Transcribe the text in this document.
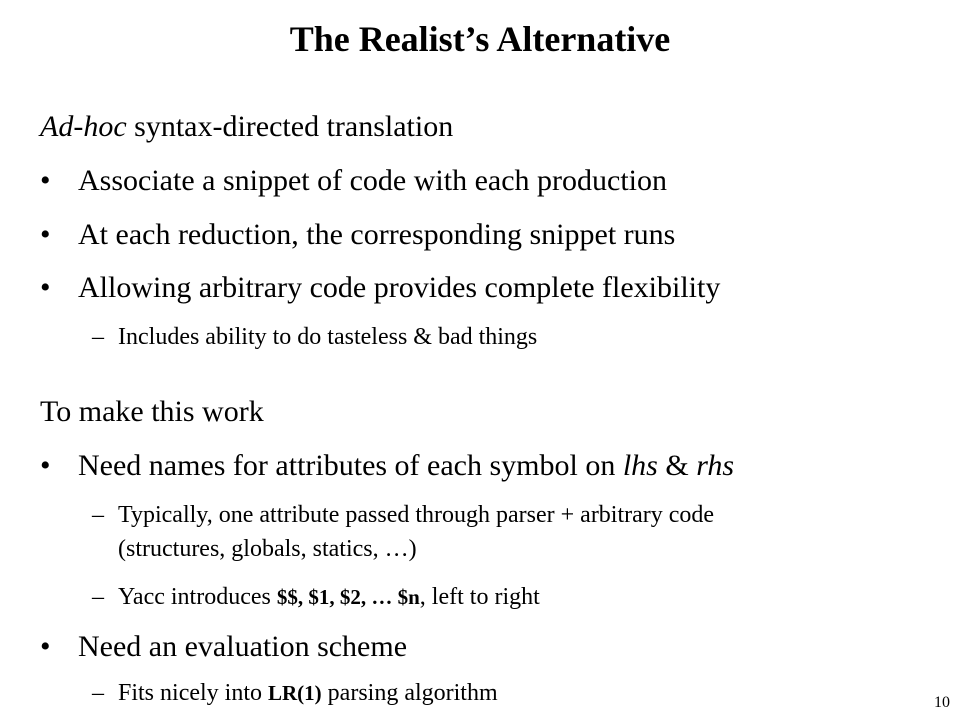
The Realist’s Alternative
Ad-hoc syntax-directed translation
• Associate a snippet of code with each production
• At each reduction, the corresponding snippet runs
• Allowing arbitrary code provides complete flexibility
– Includes ability to do tasteless & bad things
To make this work
• Need names for attributes of each symbol on lhs & rhs
– Typically, one attribute passed through parser + arbitrary code
(structures, globals, statics, …)
– Yacc introduces $$, $1, $2, … $n, left to right
• Need an evaluation scheme
– Fits nicely into LR(1) parsing algorithm	10
